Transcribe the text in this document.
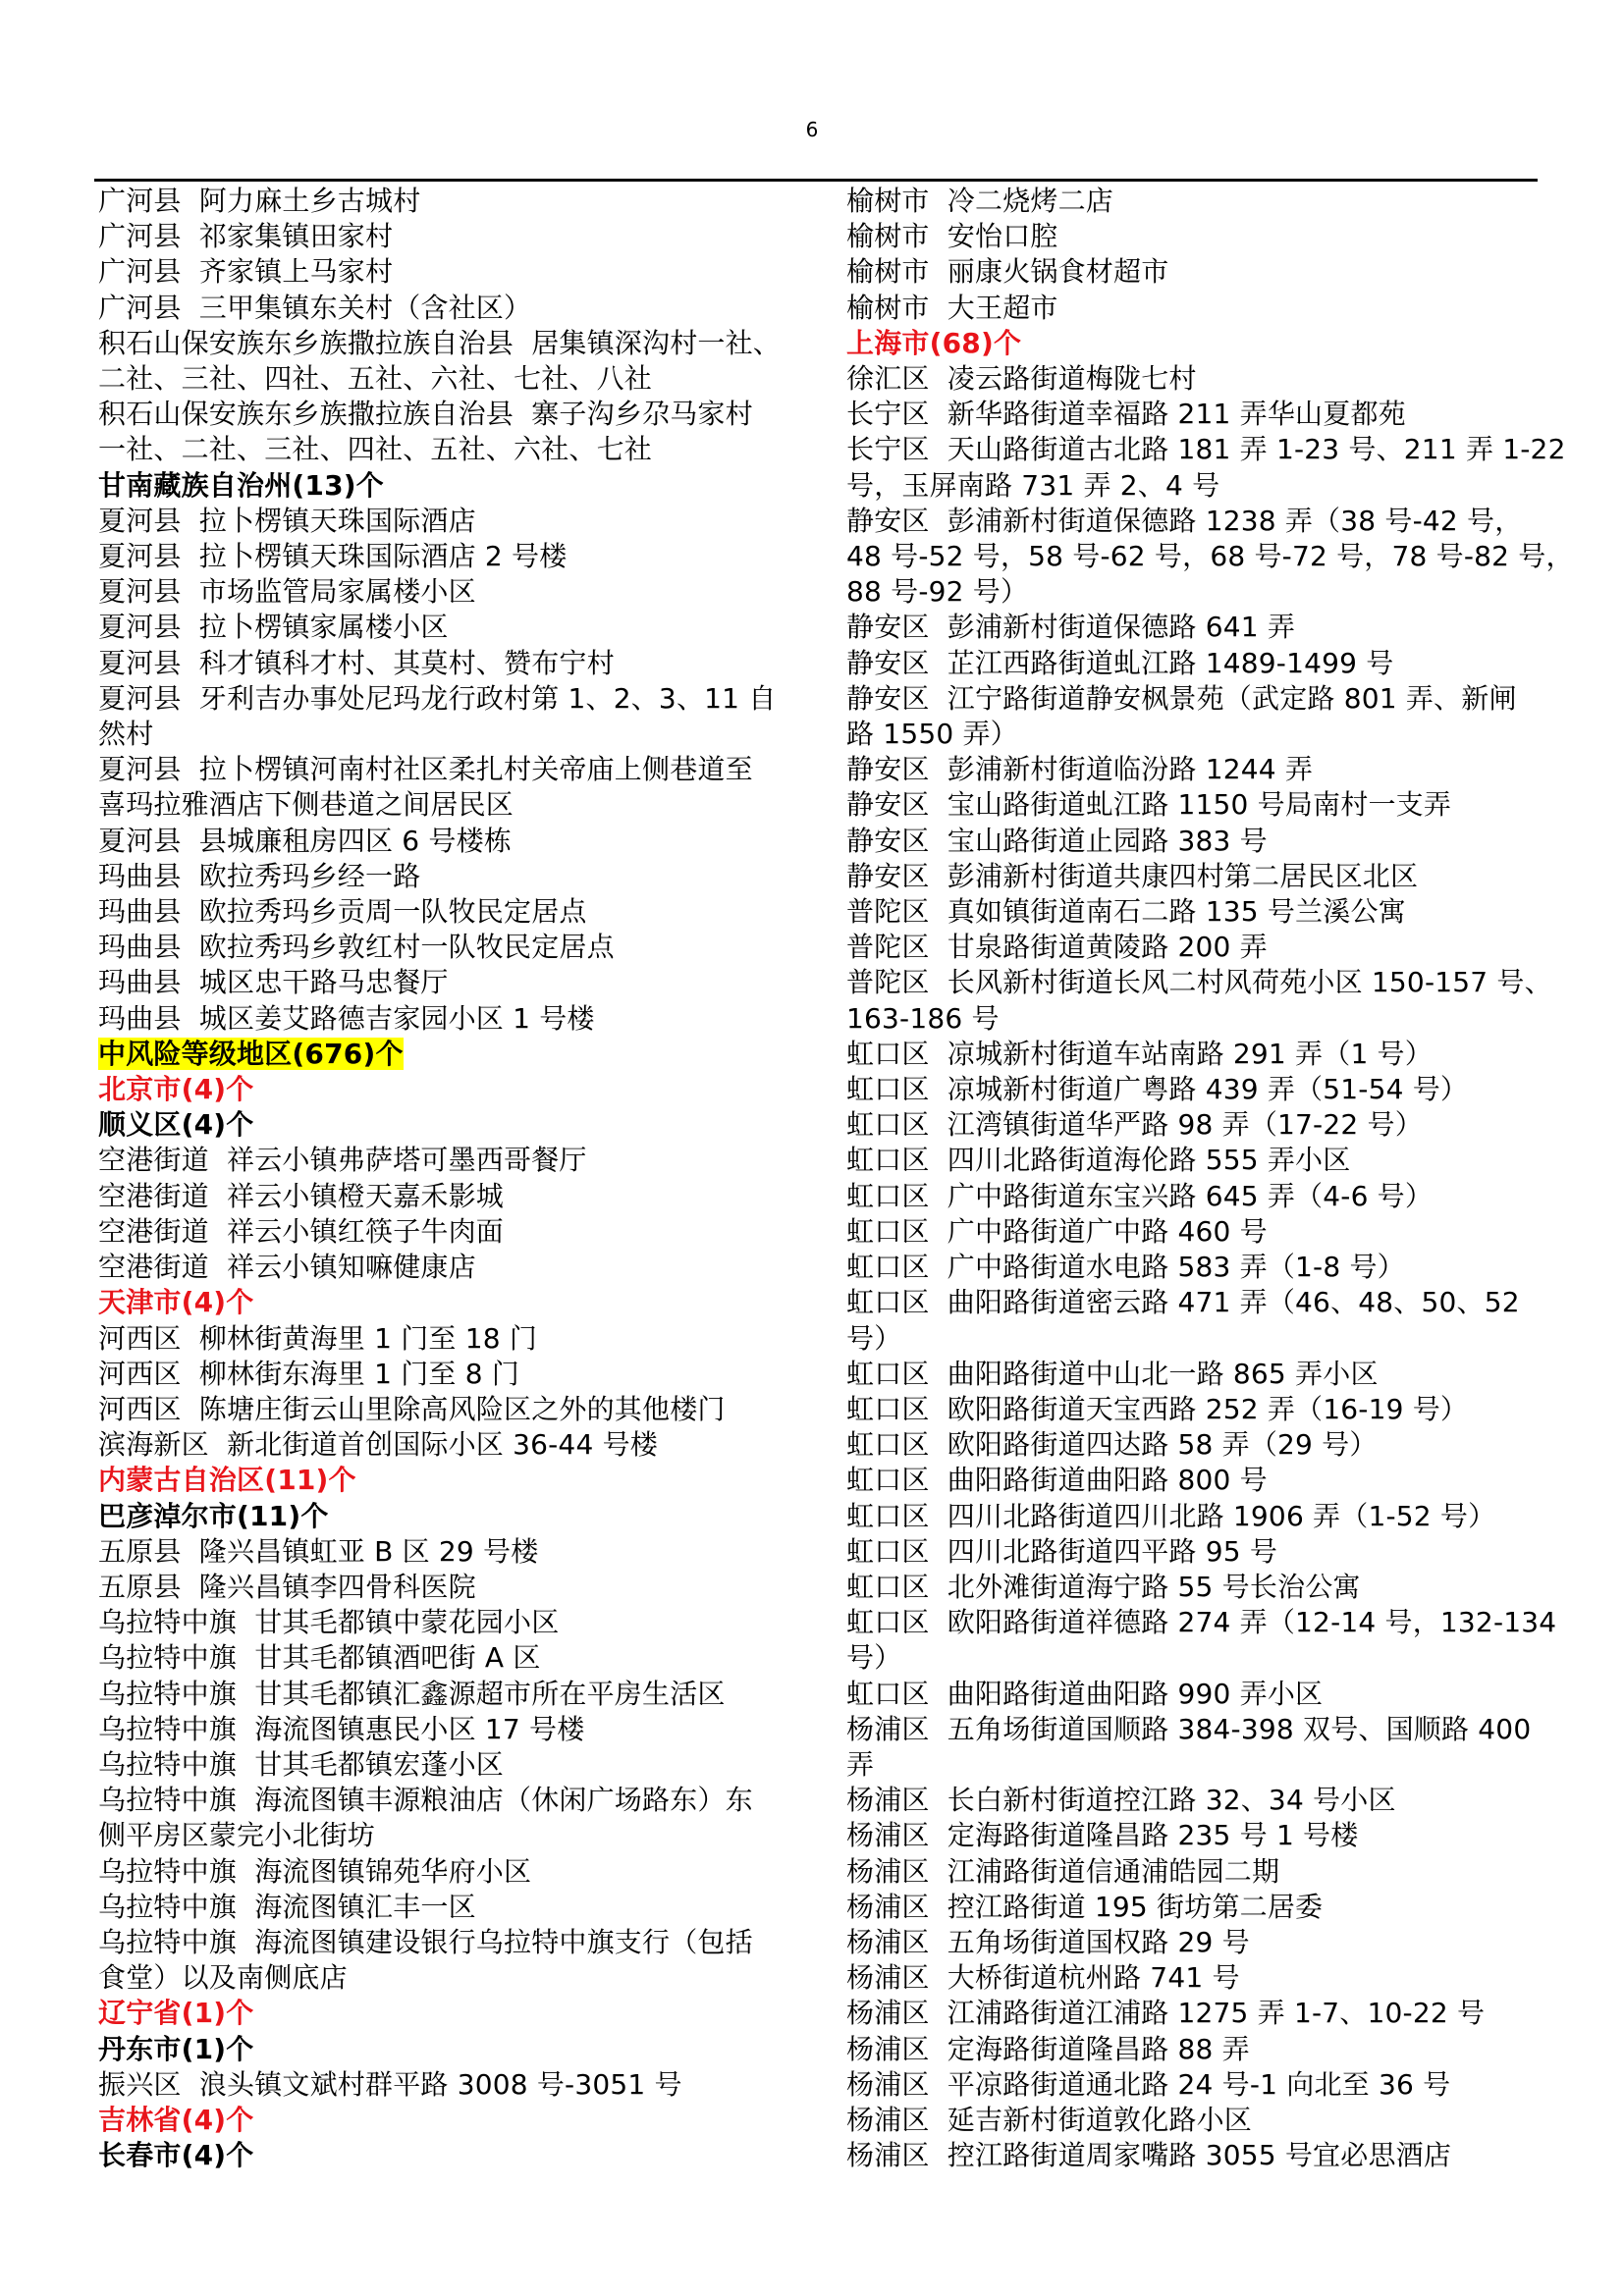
6
广河县  阿力麻土乡古城村
广河县  祁家集镇田家村
广河县  齐家镇上马家村
广河县  三甲集镇东关村（含社区）
积石山保安族东乡族撒拉族自治县  居集镇深沟村一社、
二社、三社、四社、五社、六社、七社、八社
积石山保安族东乡族撒拉族自治县  寨子沟乡尕马家村
一社、二社、三社、四社、五社、六社、七社
甘南藏族自治州(13)个
夏河县  拉卜楞镇天珠国际酒店
夏河县  拉卜楞镇天珠国际酒店 2 号楼
夏河县  市场监管局家属楼小区
夏河县  拉卜楞镇家属楼小区
夏河县  科才镇科才村、其莫村、赞布宁村
夏河县  牙利吉办事处尼玛龙行政村第 1、2、3、11 自
然村
夏河县  拉卜楞镇河南村社区柔扎村关帝庙上侧巷道至
喜玛拉雅酒店下侧巷道之间居民区
夏河县  县城廉租房四区 6 号楼栋
玛曲县  欧拉秀玛乡经一路
玛曲县  欧拉秀玛乡贡周一队牧民定居点
玛曲县  欧拉秀玛乡敦红村一队牧民定居点
玛曲县  城区忠干路马忠餐厅
玛曲县  城区姜艾路德吉家园小区 1 号楼
中风险等级地区(676)个
北京市(4)个
顺义区(4)个
空港街道  祥云小镇弗萨塔可墨西哥餐厅
空港街道  祥云小镇橙天嘉禾影城
空港街道  祥云小镇红筷子牛肉面
空港街道  祥云小镇知嘛健康店
天津市(4)个
河西区  柳林街黄海里 1 门至 18 门
河西区  柳林街东海里 1 门至 8 门
河西区  陈塘庄街云山里除高风险区之外的其他楼门
滨海新区  新北街道首创国际小区 36-44 号楼
内蒙古自治区(11)个
巴彦淖尔市(11)个
五原县  隆兴昌镇虹亚 B 区 29 号楼
五原县  隆兴昌镇李四骨科医院
乌拉特中旗  甘其毛都镇中蒙花园小区
乌拉特中旗  甘其毛都镇酒吧街 A 区
乌拉特中旗  甘其毛都镇汇鑫源超市所在平房生活区
乌拉特中旗  海流图镇惠民小区 17 号楼
乌拉特中旗  甘其毛都镇宏蓬小区
乌拉特中旗  海流图镇丰源粮油店（休闲广场路东）东
侧平房区蒙完小北街坊
乌拉特中旗  海流图镇锦苑华府小区
乌拉特中旗  海流图镇汇丰一区
乌拉特中旗  海流图镇建设银行乌拉特中旗支行（包括
食堂）以及南侧底店
辽宁省(1)个
丹东市(1)个
振兴区  浪头镇文斌村群平路 3008 号-3051 号
吉林省(4)个
长春市(4)个
榆树市  冷二烧烤二店
榆树市  安怡口腔
榆树市  丽康火锅食材超市
榆树市  大王超市
上海市(68)个
徐汇区  凌云路街道梅陇七村
长宁区  新华路街道幸福路 211 弄华山夏都苑
长宁区  天山路街道古北路 181 弄 1-23 号、211 弄 1-22
号，玉屏南路 731 弄 2、4 号
静安区  彭浦新村街道保德路 1238 弄（38 号-42 号，
48 号-52 号，58 号-62 号，68 号-72 号，78 号-82 号，
88 号-92 号）
静安区  彭浦新村街道保德路 641 弄
静安区  芷江西路街道虬江路 1489-1499 号
静安区  江宁路街道静安枫景苑（武定路 801 弄、新闸
路 1550 弄）
静安区  彭浦新村街道临汾路 1244 弄
静安区  宝山路街道虬江路 1150 号局南村一支弄
静安区  宝山路街道止园路 383 号
静安区  彭浦新村街道共康四村第二居民区北区
普陀区  真如镇街道南石二路 135 号兰溪公寓
普陀区  甘泉路街道黄陵路 200 弄
普陀区  长风新村街道长风二村风荷苑小区 150-157 号、
163-186 号
虹口区  凉城新村街道车站南路 291 弄（1 号）
虹口区  凉城新村街道广粤路 439 弄（51-54 号）
虹口区  江湾镇街道华严路 98 弄（17-22 号）
虹口区  四川北路街道海伦路 555 弄小区
虹口区  广中路街道东宝兴路 645 弄（4-6 号）
虹口区  广中路街道广中路 460 号
虹口区  广中路街道水电路 583 弄（1-8 号）
虹口区  曲阳路街道密云路 471 弄（46、48、50、52
号）
虹口区  曲阳路街道中山北一路 865 弄小区
虹口区  欧阳路街道天宝西路 252 弄（16-19 号）
虹口区  欧阳路街道四达路 58 弄（29 号）
虹口区  曲阳路街道曲阳路 800 号
虹口区  四川北路街道四川北路 1906 弄（1-52 号）
虹口区  四川北路街道四平路 95 号
虹口区  北外滩街道海宁路 55 号长治公寓
虹口区  欧阳路街道祥德路 274 弄（12-14 号，132-134
号）
虹口区  曲阳路街道曲阳路 990 弄小区
杨浦区  五角场街道国顺路 384-398 双号、国顺路 400
弄
杨浦区  长白新村街道控江路 32、34 号小区
杨浦区  定海路街道隆昌路 235 号 1 号楼
杨浦区  江浦路街道信通浦皓园二期
杨浦区  控江路街道 195 街坊第二居委
杨浦区  五角场街道国权路 29 号
杨浦区  大桥街道杭州路 741 号
杨浦区  江浦路街道江浦路 1275 弄 1-7、10-22 号
杨浦区  定海路街道隆昌路 88 弄
杨浦区  平凉路街道通北路 24 号-1 向北至 36 号
杨浦区  延吉新村街道敦化路小区
杨浦区  控江路街道周家嘴路 3055 号宜必思酒店
